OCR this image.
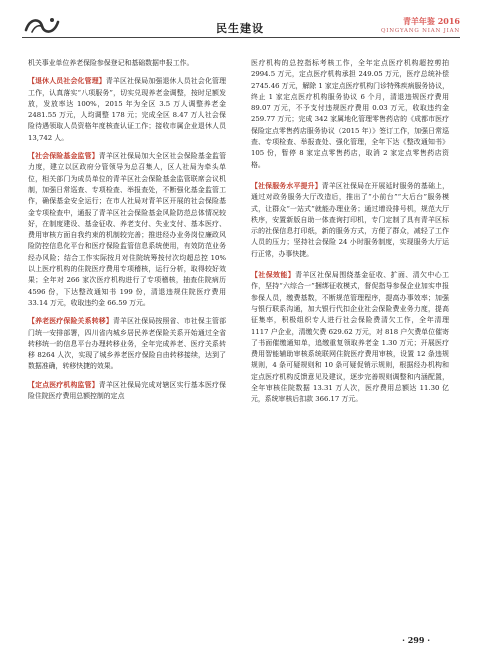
民生建设
青羊年鉴 2016
QINGYANG NIAN JIAN

机关事业单位养老保险参保登记和基础数据申报工作。

【退休人员社会化管理】青羊区社保局加强退休人员社会化管理工作，认真落实“八项服务”，切实兑现养老金调整，按时足额发放，发放率达 100%，2015 年为全区 3.5 万人调整养老金 2481.55 万元，人均调整 178 元；完成全区 8.47 万人社会保险待遇领取人员资格年度核查认证工作；接收市属企业退休人员 13,742 人。

【社会保险基金监管】青羊区社保局加大全区社会保险基金监管力度，建立以区政府分管领导为总召集人，区人社局为牵头单位，相关部门为成员单位的青羊区社会保险基金监管联席会议机制，加强日常巡查、专项检查、举报查处，不断强化基金监管工作，确保基金安全运行；在市人社局对青羊区开展的社会保险基金专项检查中，通报了青羊区社会保险基金风险防范总体情况较好，在制度建设、基金征收、养老支付、失业支付、基本医疗、费用审核方面自我约束的机制较完善；推进经办业务岗位廉政风险防控信息化平台和医疗保险监管信息系统使用，有效防范业务经办风险；结合工作实际按月对住院统筹按付次均超总控 10% 以上医疗机构的住院医疗费用专项稽核，运行分析，取得较好效果；全年对 266 家次医疗机构进行了专项稽核，抽查住院病历 4596 份，下达整改通知书 199 份，清退违规住院医疗费用 33.14 万元，收取违约金 66.59 万元。

【养老医疗保险关系转移】青羊区社保局按照省、市社保主管部门统一安排部署，四川省内城乡居民养老保险关系开始通过全省转移统一的信息平台办理转移业务，全年完成养老、医疗关系转移 8264 人次，实现了城乡养老医疗保险自由转移接续，达到了数据准确，转移快捷的效果。

【定点医疗机构监管】青羊区社保局完成对辖区实行基本医疗保险住院医疗费用总额控制的定点

医疗机构的总控指标考核工作，全年定点医疗机构超控剪拍 2994.5 万元，定点医疗机构承担 249.05 万元，医疗总统补偿 2745.46 万元，解除 1 家定点医疗机构门诊特殊疾病服务协议，终止 1 家定点医疗机构服务协议 6 个月，清退违规医疗费用 89.07 万元，不予支付违规医疗费用 0.03 万元，收取违约金 259.77 万元；完成 342 家属地化管理零售药店的《成都市医疗保险定点零售药店服务协议（2015 年）》签订工作，加强日常巡查、专项检查、举报查处、强化管理，全年下达《整改通知书》105 份，暂停 8 家定点零售药店，取消 2 家定点零售药店资格。

【社保服务水平提升】青羊区社保局在开展延时服务的基础上，通过对政务服务大厅改造后，推出了“小前台”“大后台”服务模式，让群众“一站式”就能办理业务；通过增设排号机，规范大厅秩序，安置新版自助一体查询打印机，专门定制了具有青羊区标示的社保信息打印纸，新的服务方式，方便了群众，减轻了工作人员的压力；坚持社会保险 24 小时服务制度，实现服务大厅运行正常，办事快捷。

【社保效能】青羊区社保局围绕基金征收、扩面、清欠中心工作，坚持“六综合一”捆绑征收模式，督促指导参保企业加实申报参保人员，缴费基数，不断规范管理程序，提高办事效率；加强与银行联系沟通，加大银行代扣企业社会保险费业务力度，提高征集率，积极组织专人进行社会保险费清欠工作，全年清理 1117 户企业，清缴欠费 629.62 万元，对 818 户欠费单位催寄了书面催缴通知单，追缴重复领取养老金 1.30 万元；开展医疗费用智能辅助审核系统联网住院医疗费用审核，设置 12 条违规规则，4 条可疑规则和 10 条可疑促销示规则，根据经办机构和定点医疗机构反馈意见及建议，逐步完善规则调整和内涵配置，全年审核住院数据 13.31 万人次，医疗费用总额达 11.30 亿元，系统审核后扣款 366.17 万元。

· 299 ·
